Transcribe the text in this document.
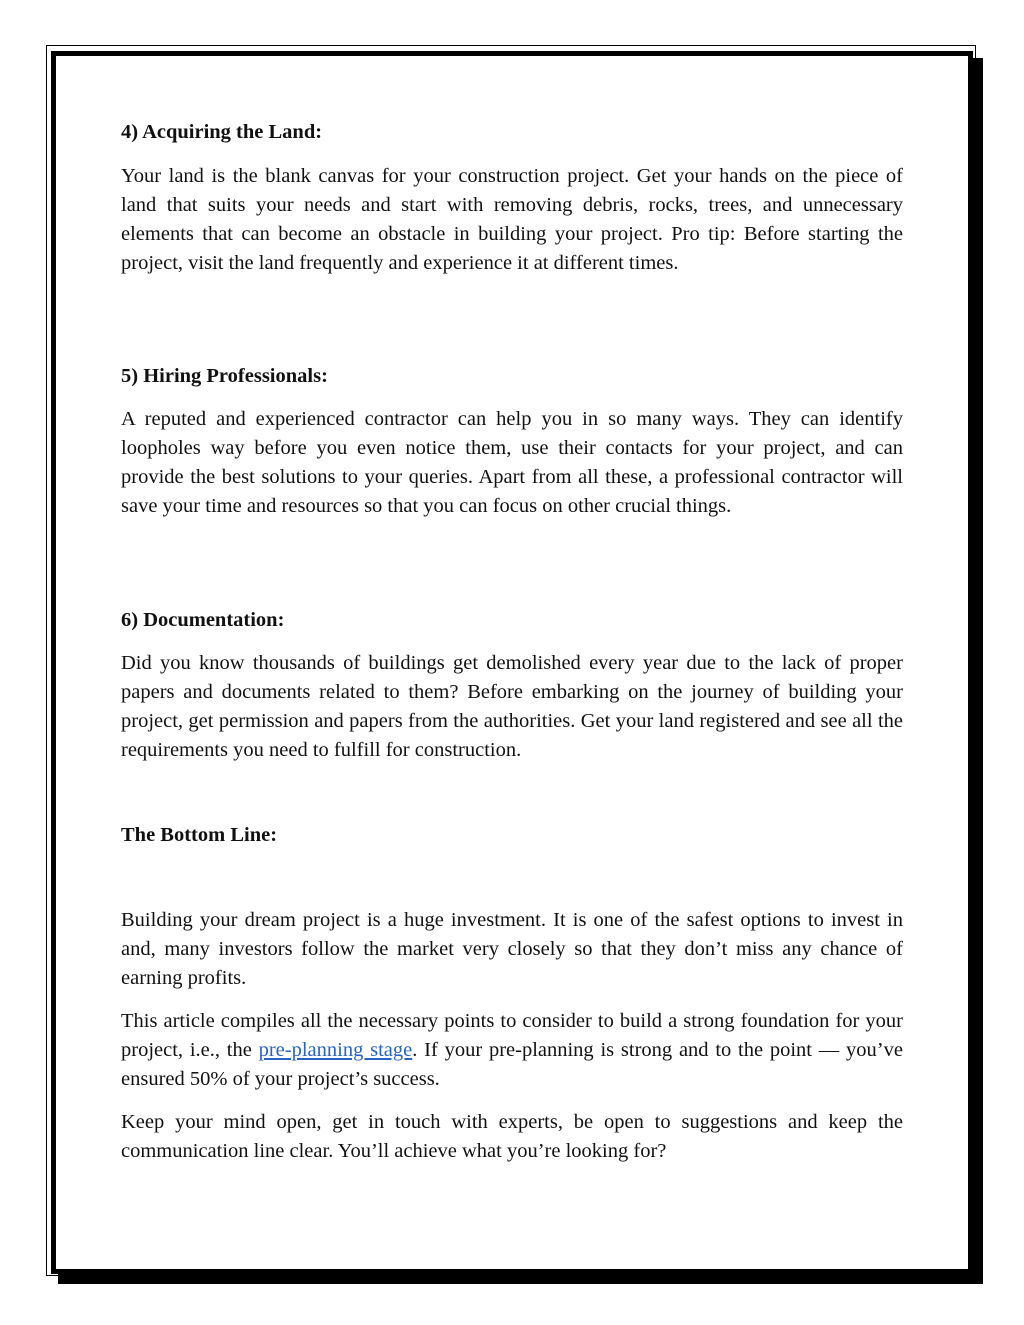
4) Acquiring the Land:

Your land is the blank canvas for your construction project. Get your hands on the piece of land that suits your needs and start with removing debris, rocks, trees, and unnecessary elements that can become an obstacle in building your project. Pro tip: Before starting the project, visit the land frequently and experience it at different times.

5) Hiring Professionals:

A reputed and experienced contractor can help you in so many ways. They can identify loopholes way before you even notice them, use their contacts for your project, and can provide the best solutions to your queries. Apart from all these, a professional contractor will save your time and resources so that you can focus on other crucial things.

6) Documentation:

Did you know thousands of buildings get demolished every year due to the lack of proper papers and documents related to them? Before embarking on the journey of building your project, get permission and papers from the authorities. Get your land registered and see all the requirements you need to fulfill for construction.

The Bottom Line:

Building your dream project is a huge investment. It is one of the safest options to invest in and, many investors follow the market very closely so that they don’t miss any chance of earning profits.

This article compiles all the necessary points to consider to build a strong foundation for your project, i.e., the pre-planning stage. If your pre-planning is strong and to the point — you’ve ensured 50% of your project’s success.

Keep your mind open, get in touch with experts, be open to suggestions and keep the communication line clear. You’ll achieve what you’re looking for?
